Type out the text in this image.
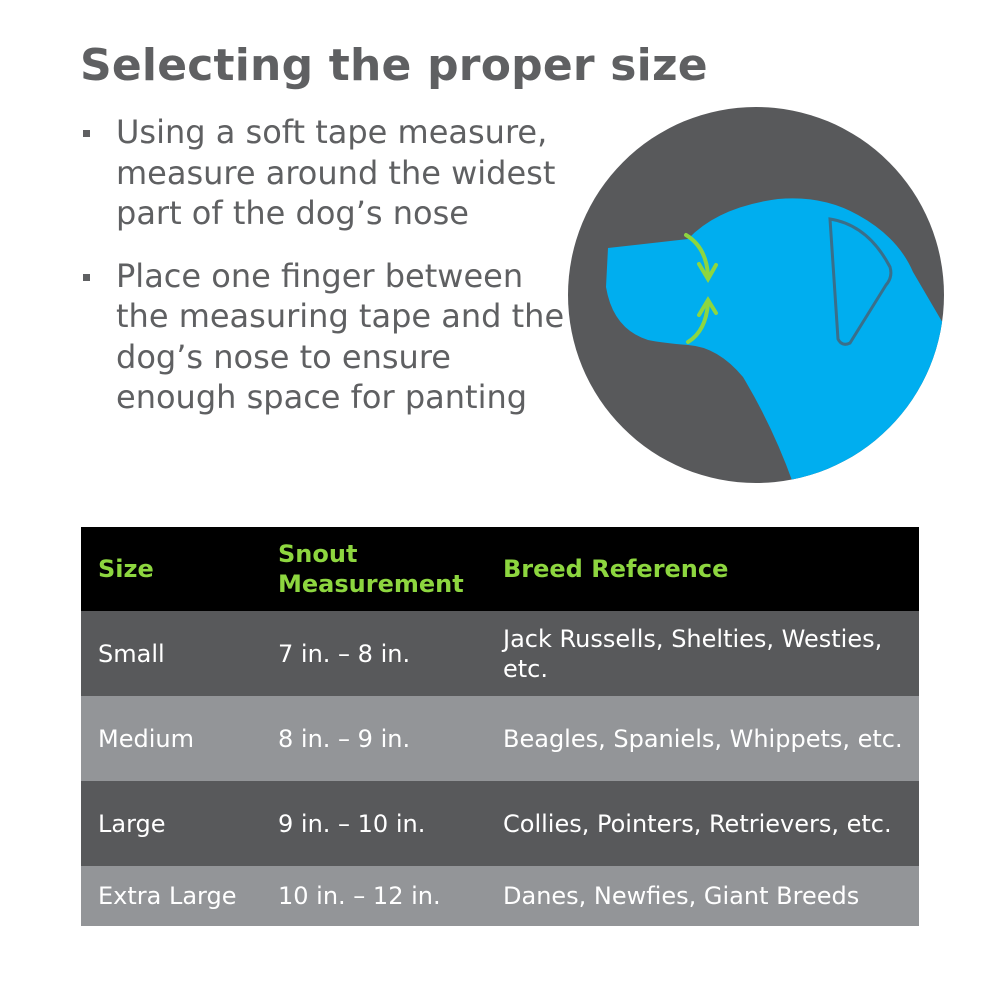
Selecting the proper size
Using a soft tape measure, measure around the widest part of the dog’s nose
Place one finger between the measuring tape and the dog’s nose to ensure enough space for panting
Size	Snout Measurement	Breed Reference
Small	7 in. – 8 in.	Jack Russells, Shelties, Westies, etc.
Medium	8 in. – 9 in.	Beagles, Spaniels, Whippets, etc.
Large	9 in. – 10 in.	Collies, Pointers, Retrievers, etc.
Extra Large	10 in. – 12 in.	Danes, Newfies, Giant Breeds
